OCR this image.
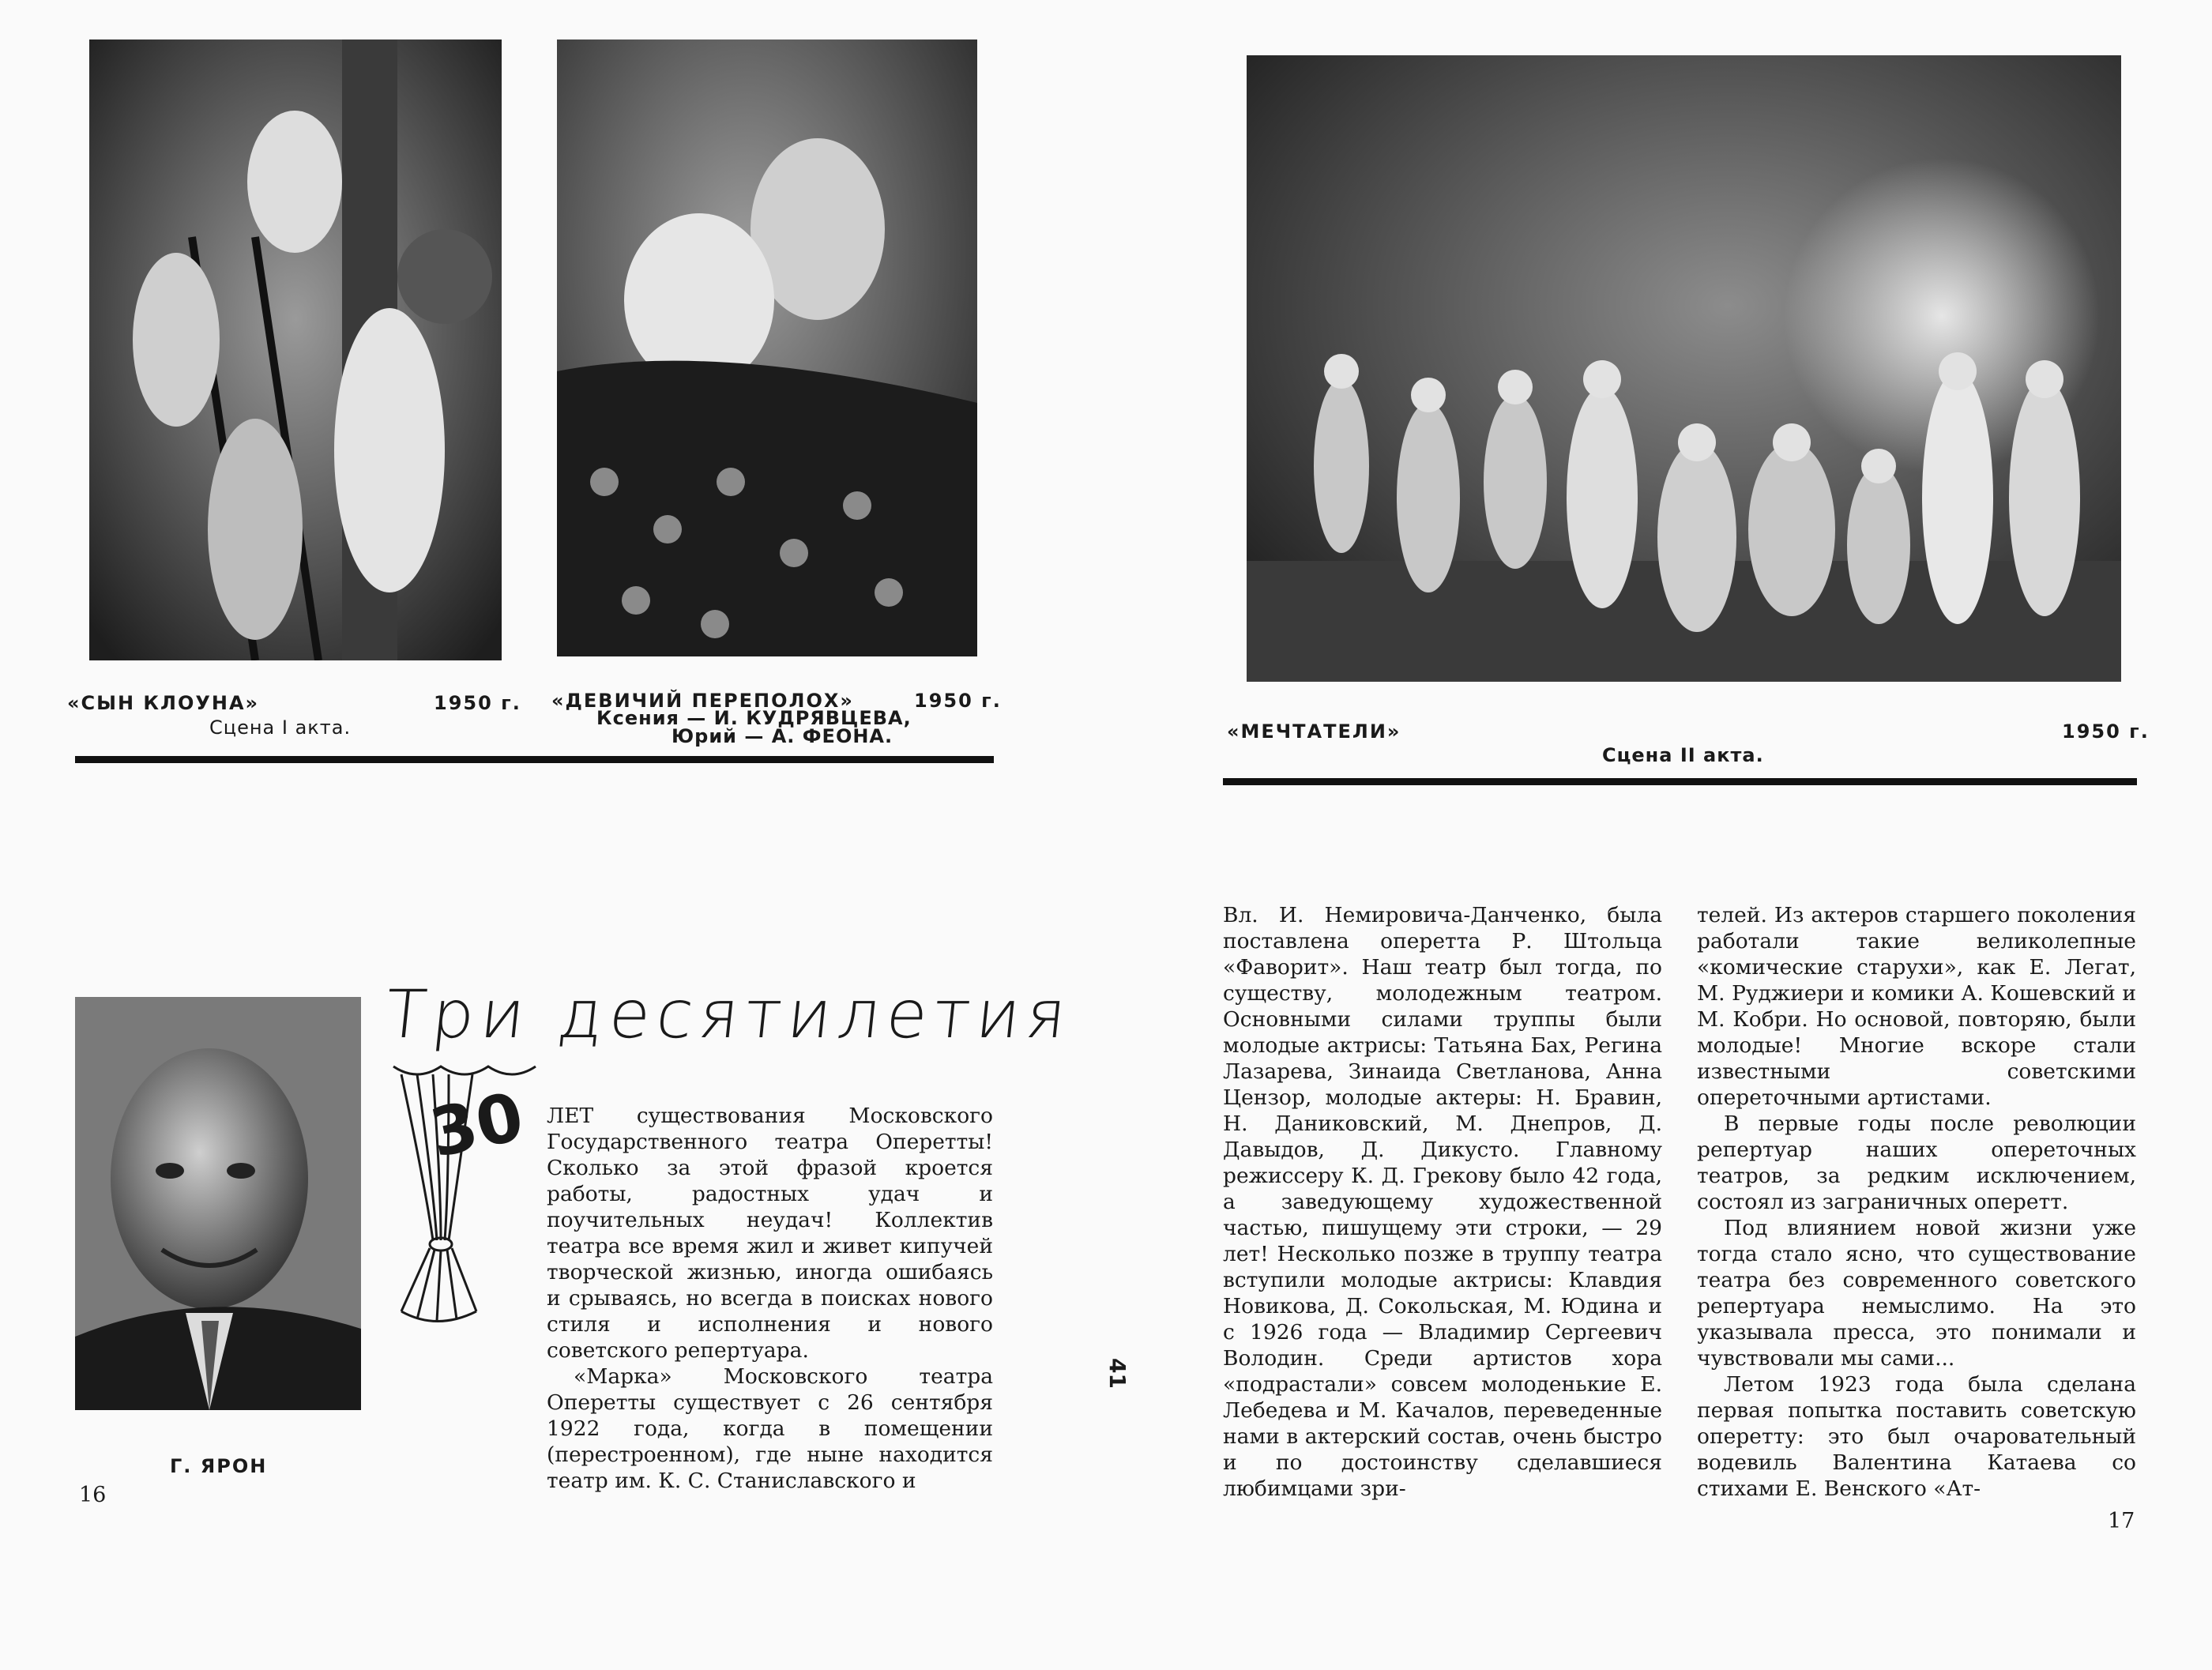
«СЫН КЛОУНА»	1950 г.
Сцена I акта.
«ДЕВИЧИЙ ПЕРЕПОЛОХ»	1950 г.
Ксения — И. КУДРЯВЦЕВА,
Юрий — А. ФЕОНА.
Г. ЯРОН
Три десятилетия
30 ЛЕТ существования Московского Государственного театра Оперетты! Сколько за этой фразой кроется работы, радостных удач и поучительных неудач! Коллектив театра все время жил и живет кипучей творческой жизнью, иногда ошибаясь и срываясь, но всегда в поисках нового стиля и исполнения и нового советского репертуара.

«Марка» Московского театра Оперетты существует с 26 сентября 1922 года, когда в помещении (перестроенном), где ныне находится театр им. К. С. Станиславского и

16
41
«МЕЧТАТЕЛИ»	1950 г.
Сцена II акта.

Вл. И. Немировича-Данченко, была поставлена оперетта Р. Штольца «Фаворит». Наш театр был тогда, по существу, молодежным театром. Основными силами труппы были молодые актрисы: Татьяна Бах, Регина Лазарева, Зинаида Светланова, Анна Цензор, молодые актеры: Н. Бравин, Н. Даниковский, М. Днепров, Д. Давыдов, Д. Дикусто. Главному режиссеру К. Д. Грекову было 42 года, а заведующему художественной частью, пишущему эти строки, — 29 лет! Несколько позже в труппу театра вступили молодые актрисы: Клавдия Новикова, Д. Сокольская, М. Юдина и с 1926 года — Владимир Сергеевич Володин. Среди артистов хора «подрастали» совсем молоденькие Е. Лебедева и М. Качалов, переведенные нами в актерский состав, очень быстро и по достоинству сделавшиеся любимцами зри-

телей. Из актеров старшего поколения работали такие великолепные «комические старухи», как Е. Легат, М. Руджиери и комики А. Кошевский и М. Кобри. Но основой, повторяю, были молодые! Многие вскоре стали известными советскими опереточными артистами.

В первые годы после революции репертуар наших опереточных театров, за редким исключением, состоял из заграничных оперетт.

Под влиянием новой жизни уже тогда стало ясно, что существование театра без современного советского репертуара немыслимо. На это указывала пресса, это понимали и чувствовали мы сами...

Летом 1923 года была сделана первая попытка поставить советскую оперетту: это был очаровательный водевиль Валентина Катаева со стихами Е. Венского «Ат-

17
